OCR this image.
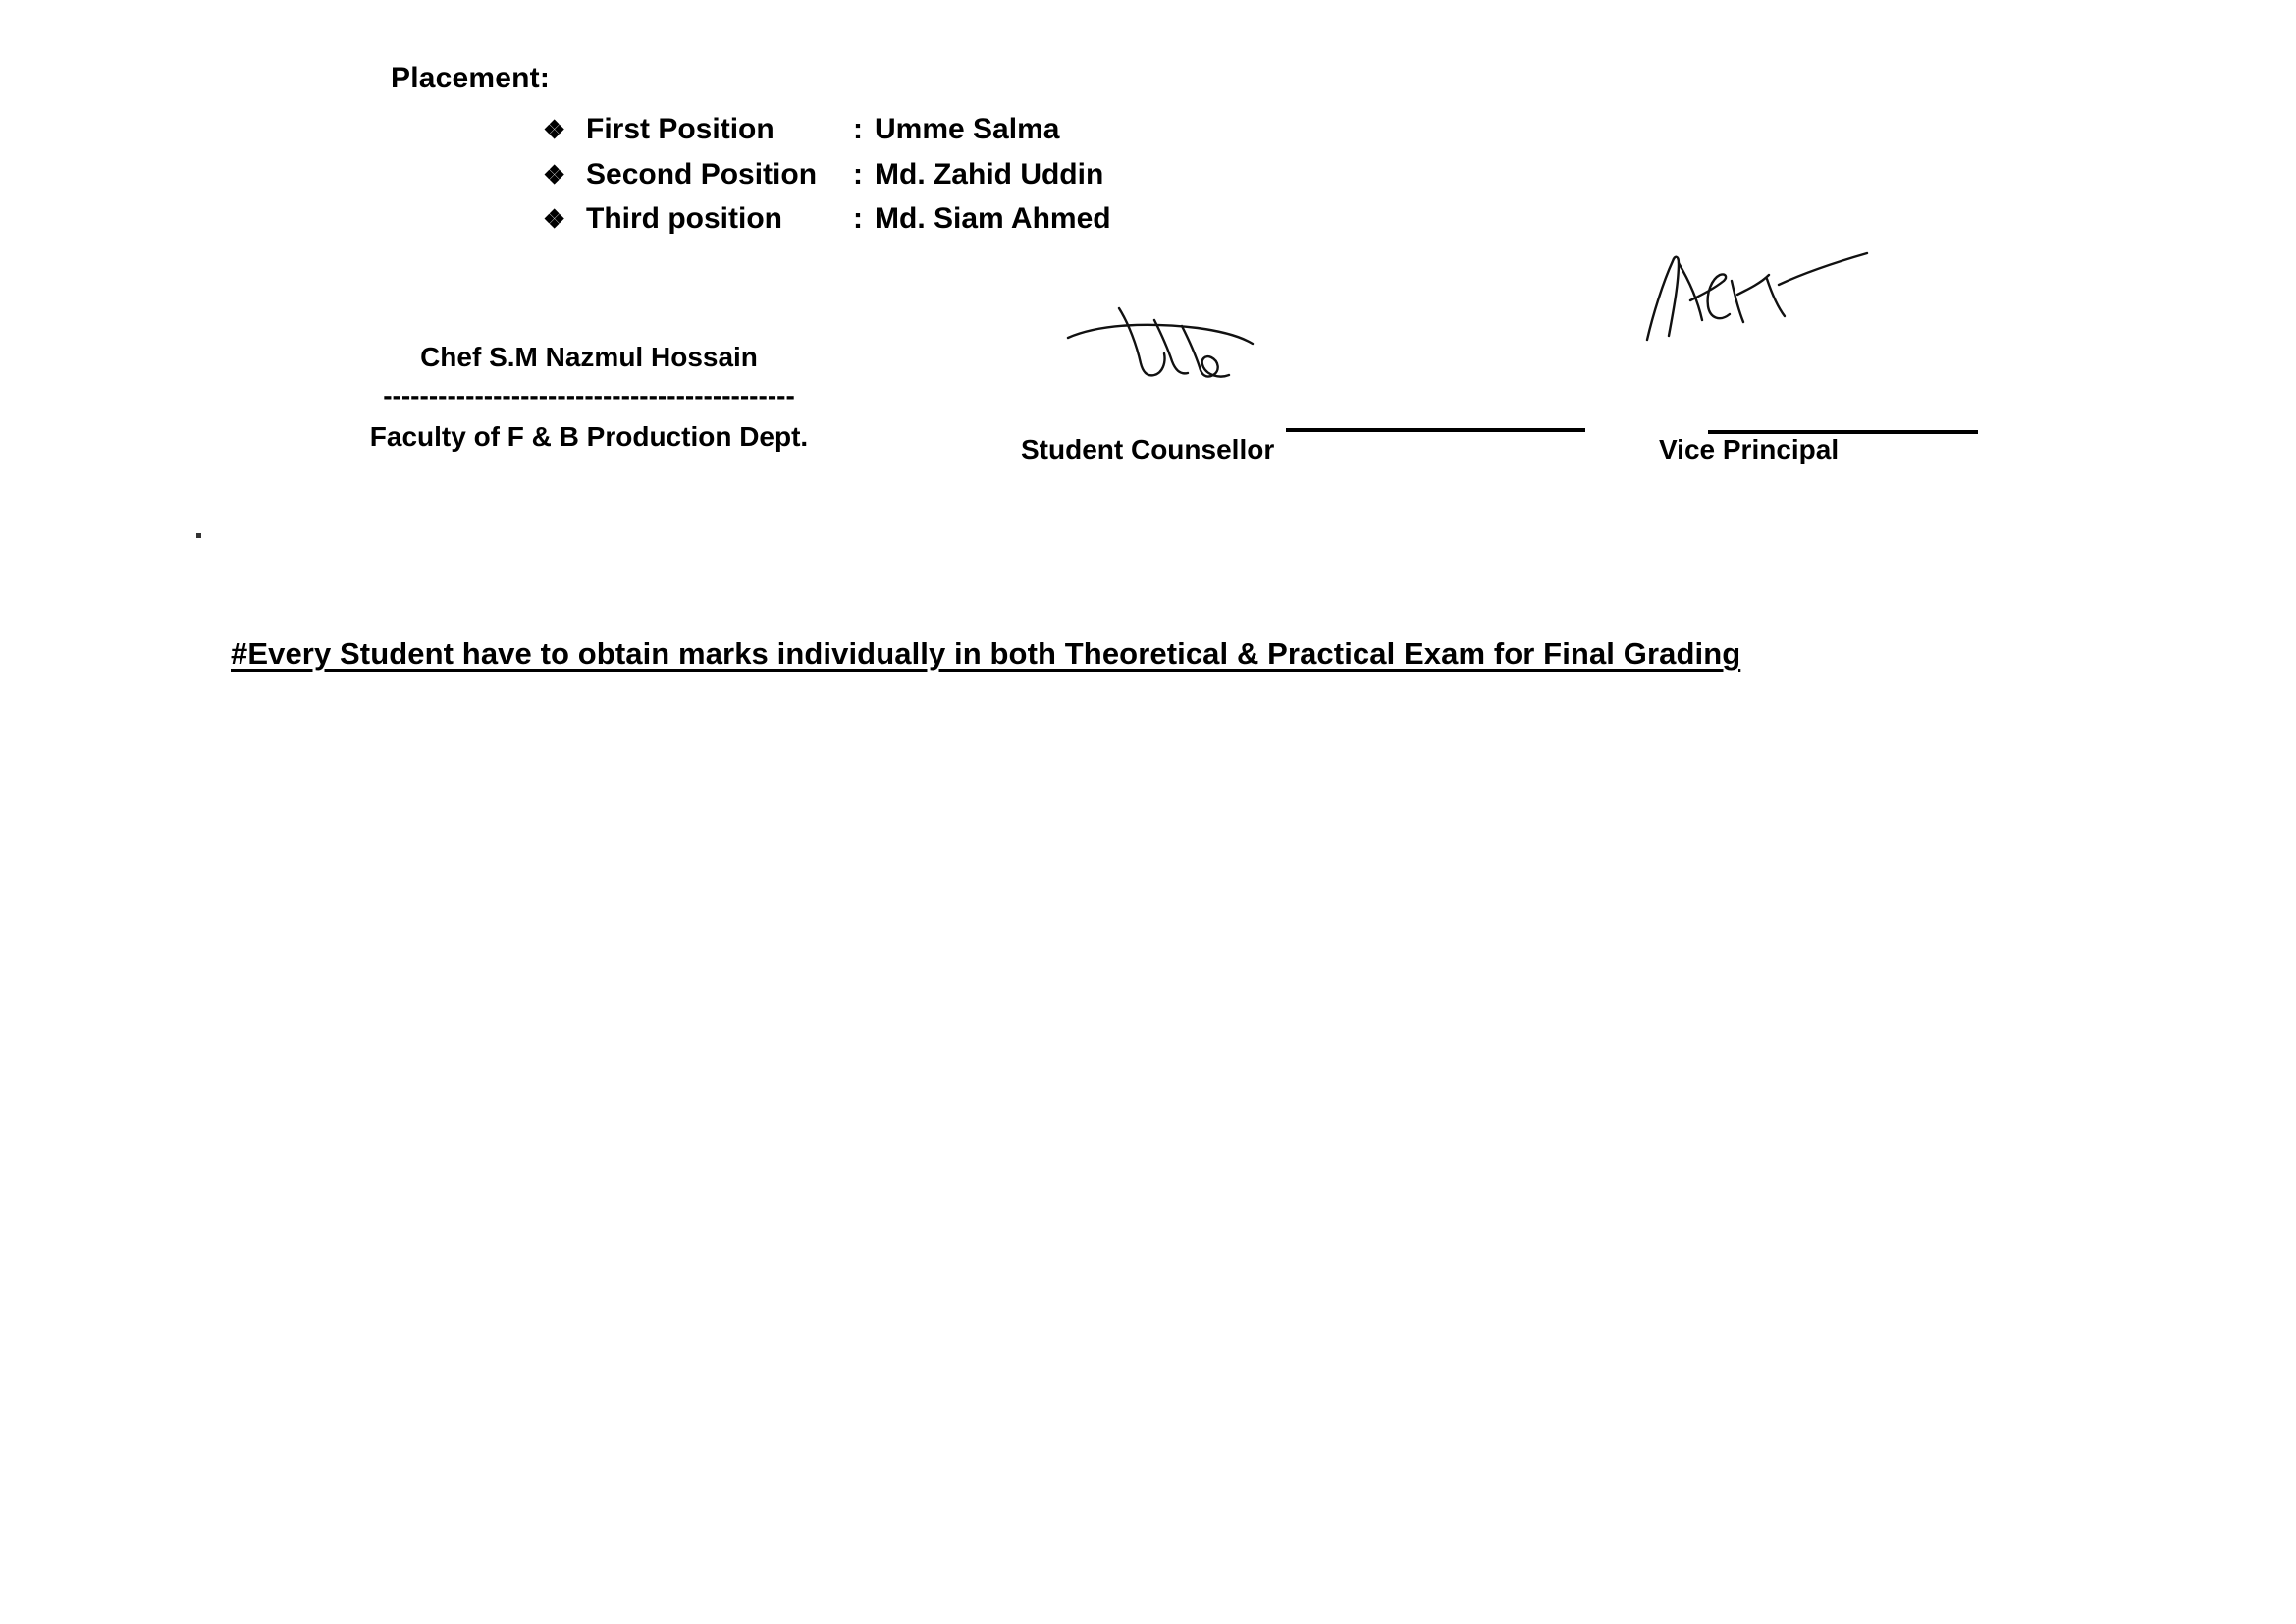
Placement:
❖ First Position	: Umme Salma
❖ Second Position	: Md. Zahid Uddin
❖ Third position	: Md. Siam Ahmed
Chef S.M Nazmul Hossain
---------------------------------------------
Faculty of F & B Production Dept.	Student Counsellor	Vice Principal
#Every Student have to obtain marks individually in both Theoretical & Practical Exam for Final Grading
